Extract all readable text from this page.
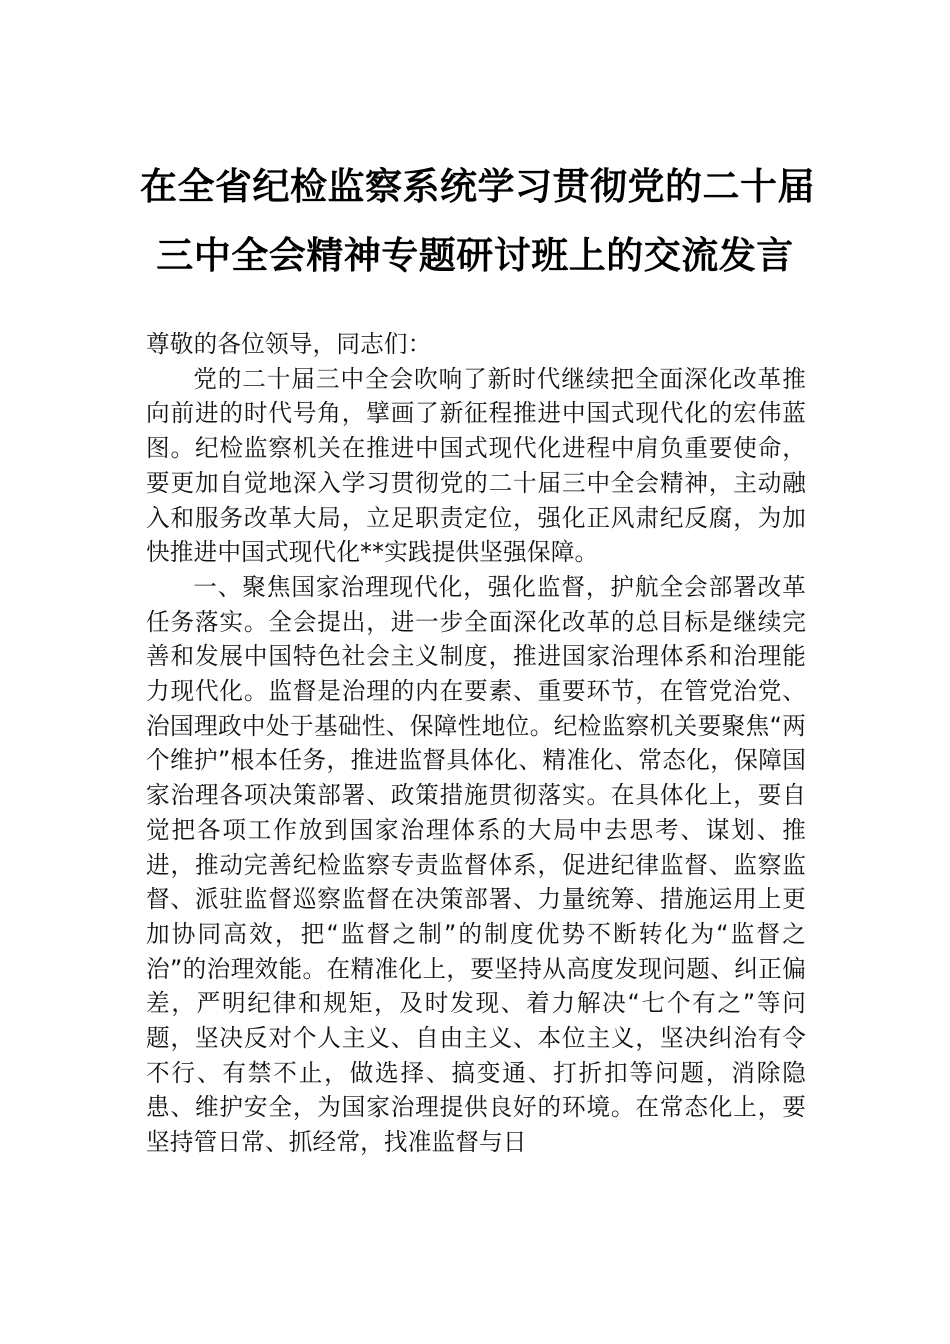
在全省纪检监察系统学习贯彻党的二十届
三中全会精神专题研讨班上的交流发言

尊敬的各位领导，同志们：

党的二十届三中全会吹响了新时代继续把全面深化改革推向前进的时代号角，擘画了新征程推进中国式现代化的宏伟蓝图。纪检监察机关在推进中国式现代化进程中肩负重要使命，要更加自觉地深入学习贯彻党的二十届三中全会精神，主动融入和服务改革大局，立足职责定位，强化正风肃纪反腐，为加快推进中国式现代化**实践提供坚强保障。

一、聚焦国家治理现代化，强化监督，护航全会部署改革任务落实。全会提出，进一步全面深化改革的总目标是继续完善和发展中国特色社会主义制度，推进国家治理体系和治理能力现代化。监督是治理的内在要素、重要环节，在管党治党、治国理政中处于基础性、保障性地位。纪检监察机关要聚焦“两个维护”根本任务，推进监督具体化、精准化、常态化，保障国家治理各项决策部署、政策措施贯彻落实。在具体化上，要自觉把各项工作放到国家治理体系的大局中去思考、谋划、推进，推动完善纪检监察专责监督体系，促进纪律监督、监察监督、派驻监督巡察监督在决策部署、力量统筹、措施运用上更加协同高效，把“监督之制”的制度优势不断转化为“监督之治”的治理效能。在精准化上，要坚持从高度发现问题、纠正偏差，严明纪律和规矩，及时发现、着力解决“七个有之”等问题，坚决反对个人主义、自由主义、本位主义，坚决纠治有令不行、有禁不止，做选择、搞变通、打折扣等问题，消除隐患、维护安全，为国家治理提供良好的环境。在常态化上，要坚持管日常、抓经常，找准监督与日
